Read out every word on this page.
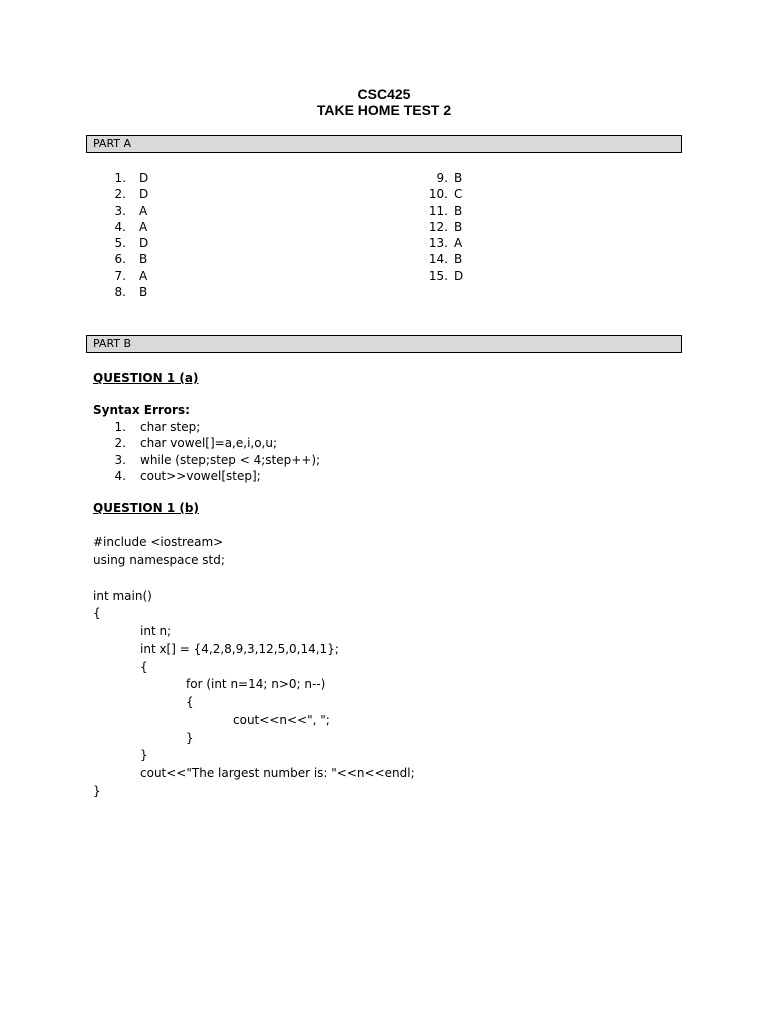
CSC425
TAKE HOME TEST 2
PART A
1. D
2. D
3. A
4. A
5. D
6. B
7. A
8. B
9. B
10. C
11. B
12. B
13. A
14. B
15. D
PART B
QUESTION 1 (a)
Syntax Errors:
1. char step;
2. char vowel[]=a,e,i,o,u;
3. while (step;step < 4;step++);
4. cout>>vowel[step];
QUESTION 1 (b)
#include <iostream>
using namespace std;
int main()
{
int n;
int x[] = {4,2,8,9,3,12,5,0,14,1};
{
for (int n=14; n>0; n--)
{
cout<<n<<", ";
}
}
cout<<"The largest number is: "<<n<<endl;
}
